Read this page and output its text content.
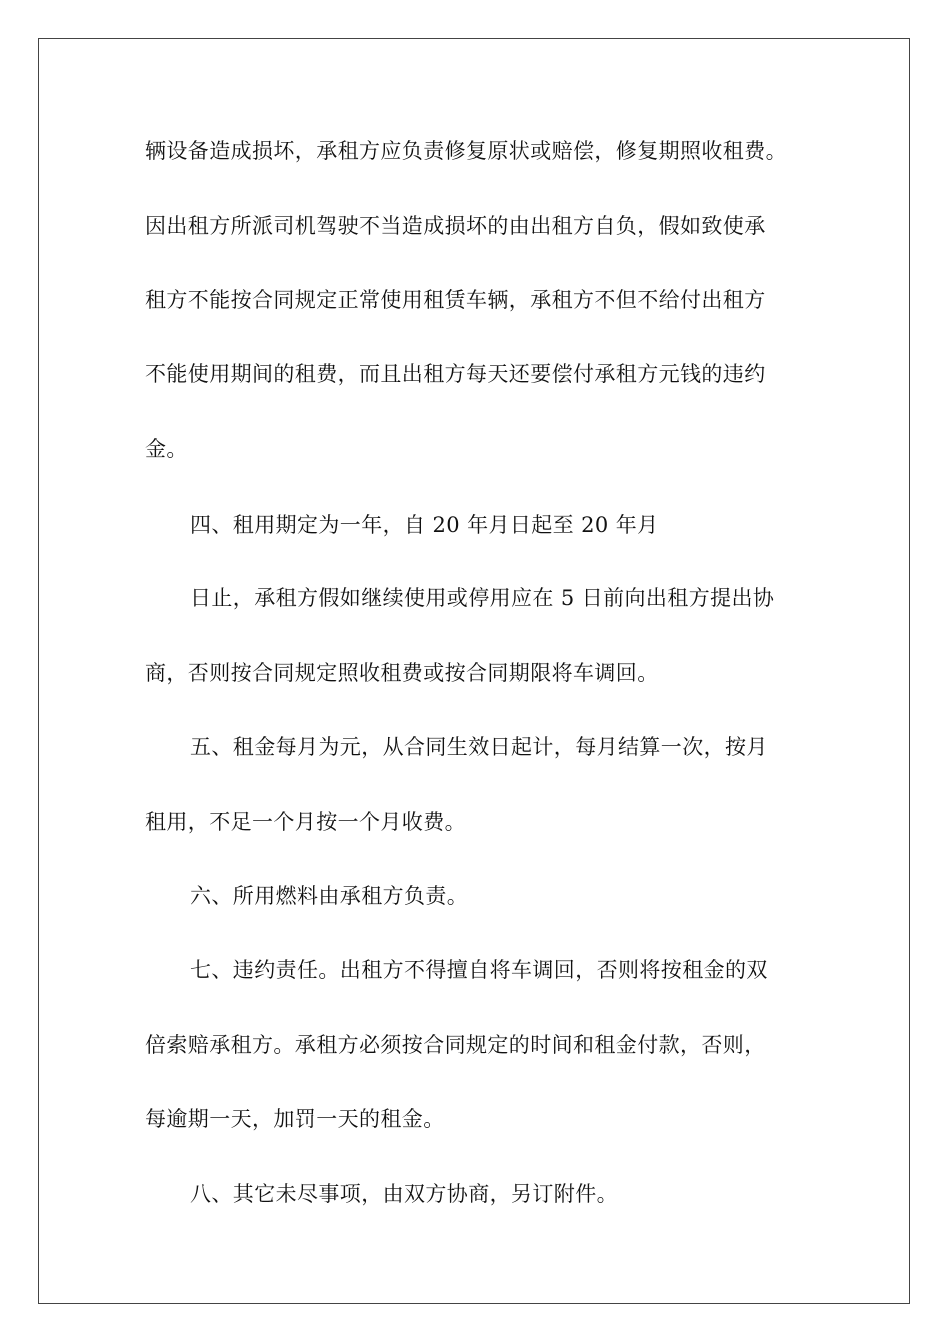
辆设备造成损坏，承租方应负责修复原状或赔偿，修复期照收租费。
因出租方所派司机驾驶不当造成损坏的由出租方自负，假如致使承
租方不能按合同规定正常使用租赁车辆，承租方不但不给付出租方
不能使用期间的租费，而且出租方每天还要偿付承租方元钱的违约
金。
四、租用期定为一年，自 20 年月日起至 20 年月
日止，承租方假如继续使用或停用应在 5 日前向出租方提出协
商，否则按合同规定照收租费或按合同期限将车调回。
五、租金每月为元，从合同生效日起计，每月结算一次，按月
租用，不足一个月按一个月收费。
六、所用燃料由承租方负责。
七、违约责任。出租方不得擅自将车调回，否则将按租金的双
倍索赔承租方。承租方必须按合同规定的时间和租金付款，否则，
每逾期一天，加罚一天的租金。
八、其它未尽事项，由双方协商，另订附件。
